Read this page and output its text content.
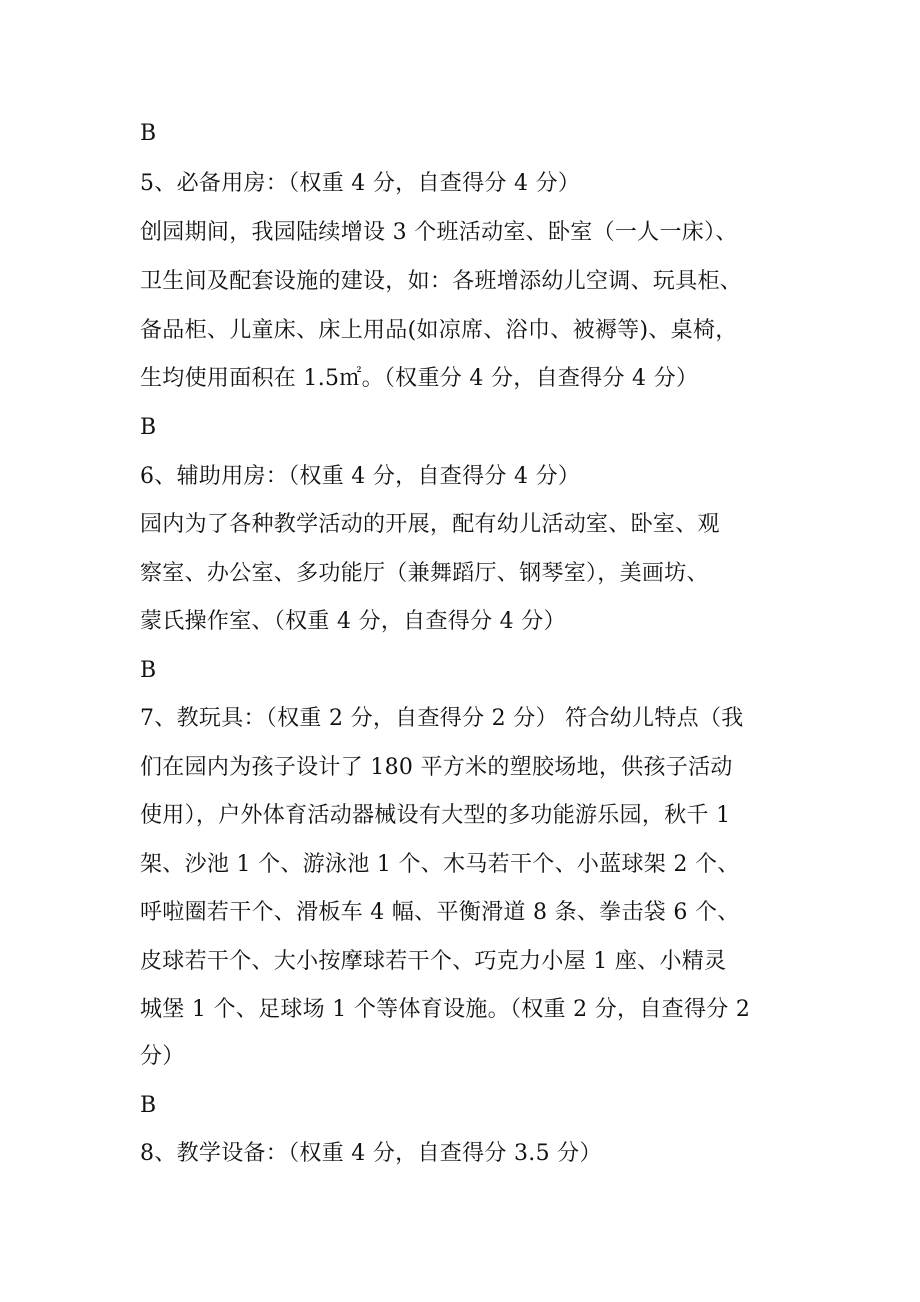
B
5、必备用房：（权重 4 分，自查得分 4 分）
创园期间，我园陆续增设 3 个班活动室、卧室（一人一床）、
卫生间及配套设施的建设，如：各班增添幼儿空调、玩具柜、
备品柜、儿童床、床上用品(如凉席、浴巾、被褥等)、桌椅，
生均使用面积在 1.5㎡。（权重分 4 分，自查得分 4 分）
B
6、辅助用房：（权重 4 分，自查得分 4 分）
园内为了各种教学活动的开展，配有幼儿活动室、卧室、观
察室、办公室、多功能厅（兼舞蹈厅、钢琴室），美画坊、
蒙氏操作室、（权重 4 分，自查得分 4 分）
B
7、教玩具：（权重 2 分，自查得分 2 分） 符合幼儿特点（我
们在园内为孩子设计了 180 平方米的塑胶场地，供孩子活动
使用），户外体育活动器械设有大型的多功能游乐园，秋千 1
架、沙池 1 个、游泳池 1 个、木马若干个、小蓝球架 2 个、
呼啦圈若干个、滑板车 4 幅、平衡滑道 8 条、拳击袋 6 个、
皮球若干个、大小按摩球若干个、巧克力小屋 1 座、小精灵
城堡 1 个、足球场 1 个等体育设施。（权重 2 分，自查得分 2
分）
B
8、教学设备：（权重 4 分，自查得分 3.5 分）
